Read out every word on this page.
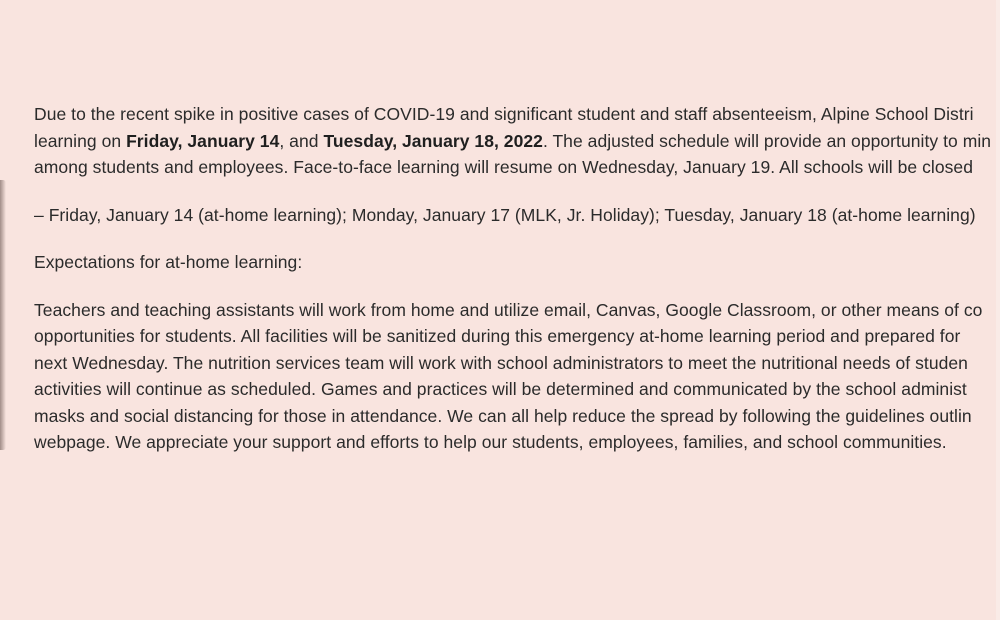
Due to the recent spike in positive cases of COVID-19 and significant student and staff absenteeism, Alpine School Distri
learning on Friday, January 14, and Tuesday, January 18, 2022. The adjusted schedule will provide an opportunity to min
among students and employees. Face-to-face learning will resume on Wednesday, January 19. All schools will be closed

– Friday, January 14 (at-home learning); Monday, January 17 (MLK, Jr. Holiday); Tuesday, January 18 (at-home learning)

Expectations for at-home learning:

Teachers and teaching assistants will work from home and utilize email, Canvas, Google Classroom, or other means of co
opportunities for students. All facilities will be sanitized during this emergency at-home learning period and prepared for
next Wednesday. The nutrition services team will work with school administrators to meet the nutritional needs of studen
activities will continue as scheduled. Games and practices will be determined and communicated by the school administ
masks and social distancing for those in attendance. We can all help reduce the spread by following the guidelines outlin
webpage. We appreciate your support and efforts to help our students, employees, families, and school communities.
